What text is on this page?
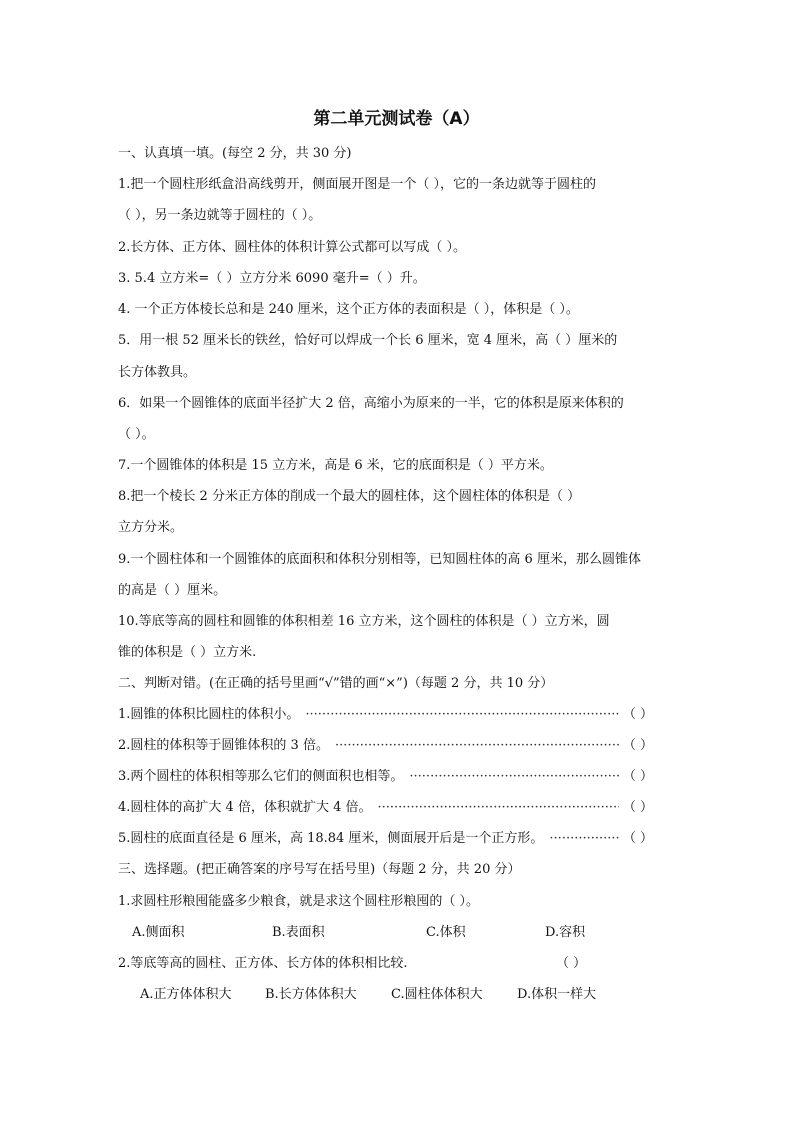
第二单元测试卷（A）
一、认真填一填。(每空 2 分，共 30 分)
1.把一个圆柱形纸盒沿高线剪开，侧面展开图是一个（ ），它的一条边就等于圆柱的
（ ），另一条边就等于圆柱的（ ）。
2.长方体、正方体、圆柱体的体积计算公式都可以写成（ ）。
3. 5.4 立方米=（ ）立方分米 6090 毫升=（ ）升。
4. 一个正方体棱长总和是 240 厘米，这个正方体的表面积是（ ），体积是（ ）。
5．用一根 52 厘米长的铁丝，恰好可以焊成一个长 6 厘米，宽 4 厘米，高（ ）厘米的
长方体教具。
6．如果一个圆锥体的底面半径扩大 2 倍，高缩小为原来的一半，它的体积是原来体积的
（ ）。
7.一个圆锥体的体积是 15 立方米，高是 6 米，它的底面积是（ ）平方米。
8.把一个棱长 2 分米正方体的削成一个最大的圆柱体，这个圆柱体的体积是（ ）
立方分米。
9.一个圆柱体和一个圆锥体的底面积和体积分别相等，已知圆柱体的高 6 厘米，那么圆锥体
的高是（ ）厘米。
10.等底等高的圆柱和圆锥的体积相差 16 立方米，这个圆柱的体积是（ ）立方米，圆
锥的体积是（ ）立方米.
二、判断对错。(在正确的括号里画“√”错的画“×”)（每题 2 分，共 10 分）
1.圆锥的体积比圆柱的体积小。 ·····	（ ）
2.圆柱的体积等于圆锥体积的 3 倍。 ·····	（ ）
3.两个圆柱的体积相等那么它们的侧面积也相等。 ·····	（ ）
4.圆柱体的高扩大 4 倍，体积就扩大 4 倍。 ·····	（ ）
5.圆柱的底面直径是 6 厘米，高 18.84 厘米，侧面展开后是一个正方形。 ·····	（ ）
三、选择题。(把正确答案的序号写在括号里)（每题 2 分，共 20 分）
1.求圆柱形粮囤能盛多少粮食，就是求这个圆柱形粮囤的（ ）。
A.侧面积	B.表面积	C.体积	D.容积
2.等底等高的圆柱、正方体、长方体的体积相比较.	（ ）
A.正方体体积大	B.长方体体积大	C.圆柱体体积大	D.体积一样大
